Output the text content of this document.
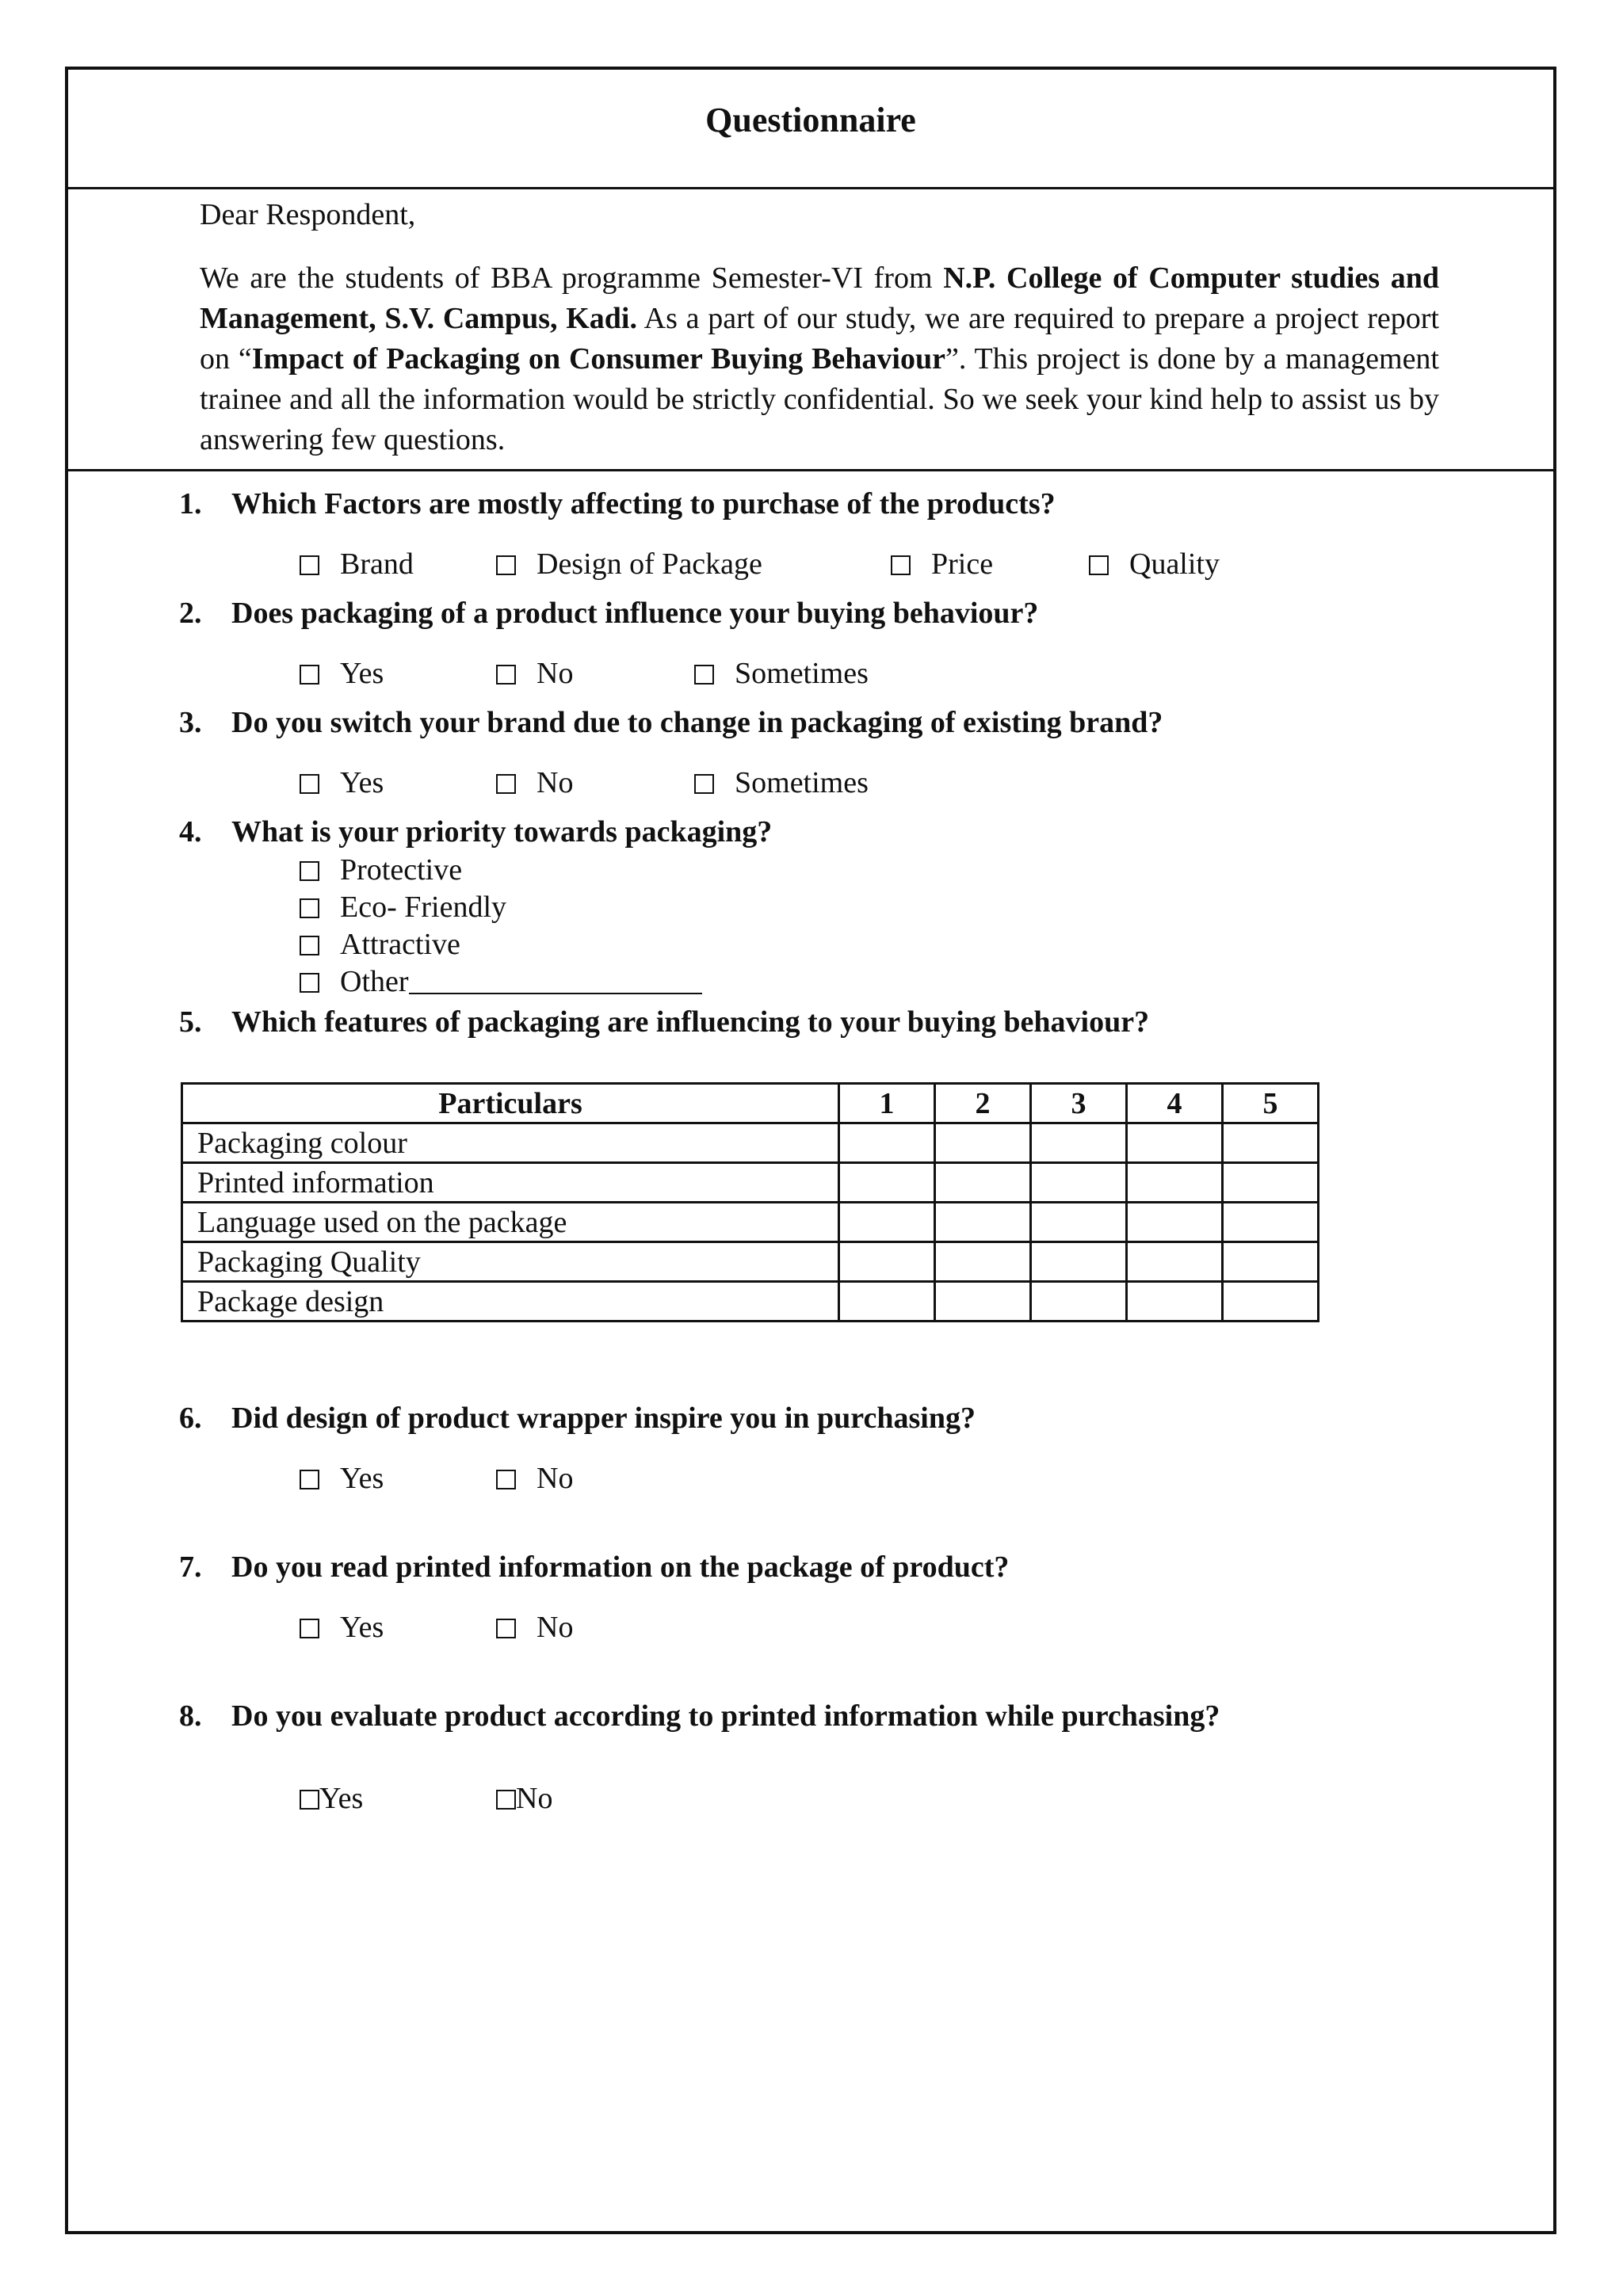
Questionnaire
Dear Respondent,
We are the students of BBA programme Semester-VI from N.P. College of Computer studies and Management, S.V. Campus, Kadi. As a part of our study, we are required to prepare a project report on “Impact of Packaging on Consumer Buying Behaviour”. This project is done by a management trainee and all the information would be strictly confidential. So we seek your kind help to assist us by answering few questions.
1. Which Factors are mostly affecting to purchase of the products?
Brand	Design of Package	Price	Quality
2. Does packaging of a product influence your buying behaviour?
Yes	No	Sometimes
3. Do you switch your brand due to change in packaging of existing brand?
Yes	No	Sometimes
4. What is your priority towards packaging?
Protective
Eco- Friendly
Attractive
Other
5. Which features of packaging are influencing to your buying behaviour?
Particulars	1	2	3	4	5
Packaging colour					
Printed information					
Language used on the package					
Packaging Quality					
Package design					
6. Did design of product wrapper inspire you in purchasing?
Yes	No
7. Do you read printed information on the package of product?
Yes	No
8. Do you evaluate product according to printed information while purchasing?
Yes	No
